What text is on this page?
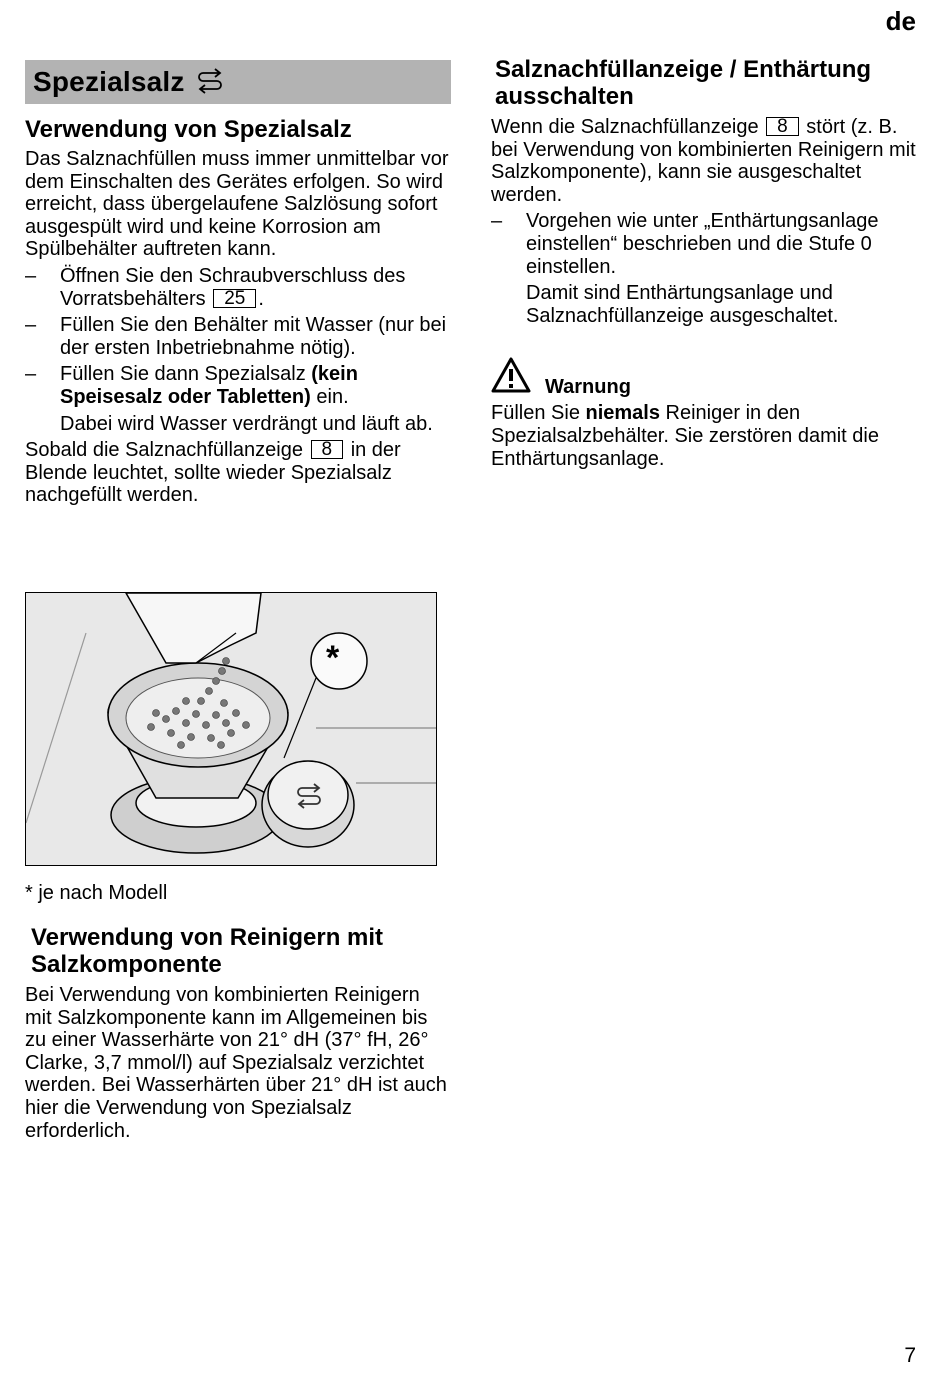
de
Spezialsalz
Verwendung von Spezialsalz

Das Salznachfüllen muss immer unmittelbar vor dem Einschalten des Gerätes erfolgen. So wird erreicht, dass übergelaufene Salzlösung sofort ausgespült wird und keine Korrosion am Spülbehälter auftreten kann.

–	Öffnen Sie den Schraubverschluss des Vorratsbehälters 25 .
–	Füllen Sie den Behälter mit Wasser (nur bei der ersten Inbetriebnahme nötig).
–	Füllen Sie dann Spezialsalz (kein Speisesalz oder Tabletten) ein.
Dabei wird Wasser verdrängt und läuft ab.

Sobald die Salznachfüllanzeige 8 in der Blende leuchtet, sollte wieder Spezialsalz nachgefüllt werden.

*
* je nach Modell
Verwendung von Reinigern mit Salzkomponente

Bei Verwendung von kombinierten Reinigern mit Salzkomponente kann im Allgemeinen bis zu einer Wasserhärte von 21° dH (37° fH, 26° Clarke, 3,7 mmol/l) auf Spezialsalz verzichtet werden. Bei Wasserhärten über 21° dH ist auch hier die Verwendung von Spezialsalz erforderlich.

Salznachfüllanzeige / Enthärtung ausschalten

Wenn die Salznachfüllanzeige 8 stört (z. B. bei Verwendung von kombinierten Reinigern mit Salzkomponente), kann sie ausgeschaltet werden.

–	Vorgehen wie unter „Enthärtungsanlage einstellen“ beschrieben und die Stufe 0 einstellen.
Damit sind Enthärtungsanlage und Salznachfüllanzeige ausgeschaltet.
Warnung

Füllen Sie niemals Reiniger in den Spezialsalzbehälter. Sie zerstören damit die Enthärtungsanlage.

7
